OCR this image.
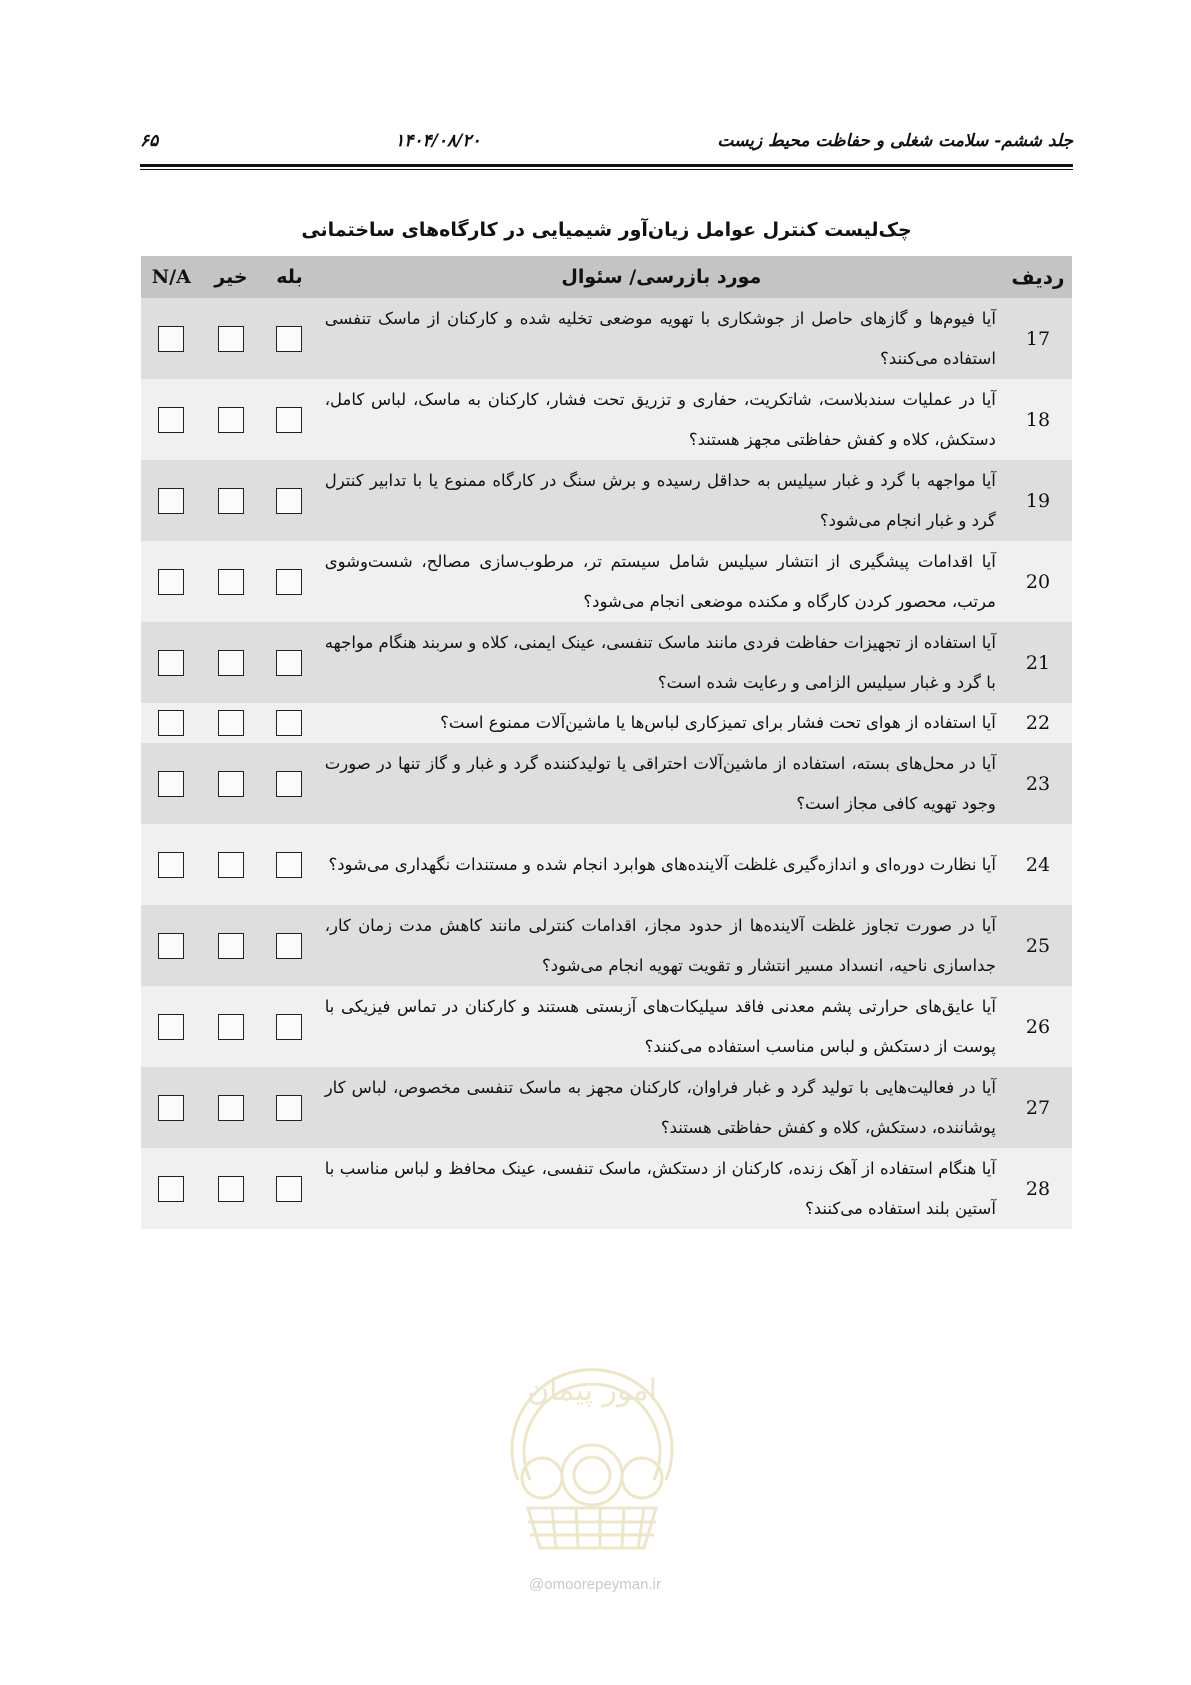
جلد ششم- سلامت شغلی و حفاظت محیط زیست
۱۴۰۴/۰۸/۲۰
۶۵
چک‌لیست کنترل عوامل زیان‌آور شیمیایی در کارگاه‌های ساختمانی
ردیف	مورد بازرسی/ سئوال	بله	خیر	N/A
17	آیا فیوم‌ها و گازهای حاصل از جوشکاری با تهویه موضعی تخلیه شده و کارکنان از ماسک تنفسی استفاده می‌کنند؟			
18	آیا در عملیات سندبلاست، شاتکریت، حفاری و تزریق تحت فشار، کارکنان به ماسک، لباس کامل، دستکش، کلاه و کفش حفاظتی مجهز هستند؟			
19	آیا مواجهه با گرد و غبار سیلیس به حداقل رسیده و برش سنگ در کارگاه ممنوع یا با تدابیر کنترل گرد و غبار انجام می‌شود؟			
20	آیا اقدامات پیشگیری از انتشار سیلیس شامل سیستم تر، مرطوب‌سازی مصالح، شست‌وشوی مرتب، محصور کردن کارگاه و مکنده موضعی انجام می‌شود؟			
21	آیا استفاده از تجهیزات حفاظت فردی مانند ماسک تنفسی، عینک ایمنی، کلاه و سربند هنگام مواجهه با گرد و غبار سیلیس الزامی و رعایت شده است؟			
22	آیا استفاده از هوای تحت فشار برای تمیزکاری لباس‌ها یا ماشین‌آلات ممنوع است؟			
23	آیا در محل‌های بسته، استفاده از ماشین‌آلات احتراقی یا تولیدکننده گرد و غبار و گاز تنها در صورت وجود تهویه کافی مجاز است؟			
24	آیا نظارت دوره‌ای و اندازه‌گیری غلظت آلاینده‌های هوابرد انجام شده و مستندات نگهداری می‌شود؟			
25	آیا در صورت تجاوز غلظت آلاینده‌ها از حدود مجاز، اقدامات کنترلی مانند کاهش مدت زمان کار، جداسازی ناحیه، انسداد مسیر انتشار و تقویت تهویه انجام می‌شود؟			
26	آیا عایق‌های حرارتی پشم معدنی فاقد سیلیکات‌های آزبستی هستند و کارکنان در تماس فیزیکی با پوست از دستکش و لباس مناسب استفاده می‌کنند؟			
27	آیا در فعالیت‌هایی با تولید گرد و غبار فراوان، کارکنان مجهز به ماسک تنفسی مخصوص، لباس کار پوشاننده، دستکش، کلاه و کفش حفاظتی هستند؟			
28	آیا هنگام استفاده از آهک زنده، کارکنان از دستکش، ماسک تنفسی، عینک محافظ و لباس مناسب با آستین بلند استفاده می‌کنند؟			
امور پیمان
@omoorepeyman.ir
